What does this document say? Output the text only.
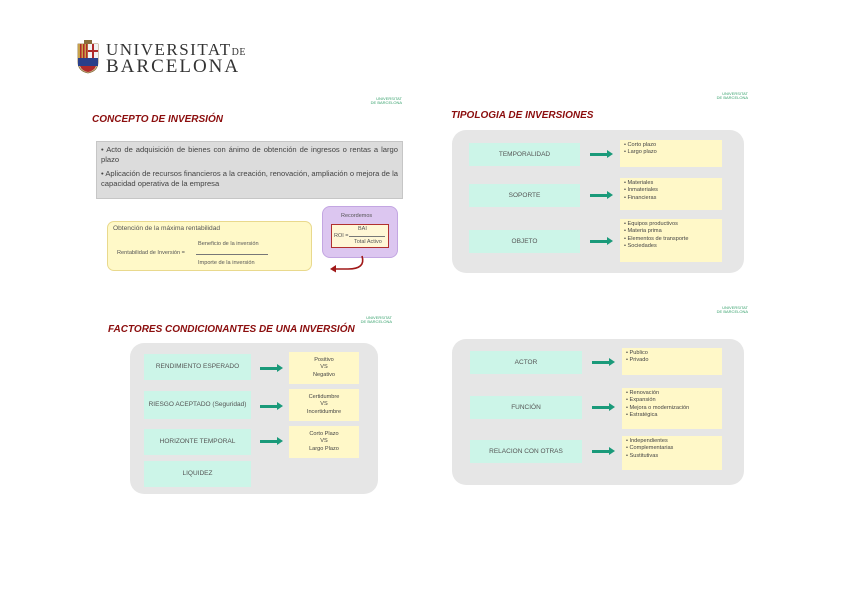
UNIVERSITATDE
BARCELONA
UNIVERSITAT
DE BARCELONA
CONCEPTO DE INVERSIÓN

• Acto de adquisición de bienes con ánimo de obtención de ingresos o rentas a largo plazo

• Aplicación de recursos financieros a la creación, renovación, ampliación o mejora de la capacidad operativa de la empresa

Obtención de la máxima rentabilidad
Beneficio de la inversión
Rentabilidad de Inversión =
Importe de la inversión
Recordemos
BAI
ROI =
Total Activo
UNIVERSITAT
DE BARCELONA
TIPOLOGIA DE INVERSIONES
TEMPORALIDAD
• Corto plazo
• Largo plazo
SOPORTE
• Materiales
• Inmateriales
• Financieras
OBJETO
• Equipos productivos
• Materia prima
• Elementos de transporte
• Sociedades
UNIVERSITAT
DE BARCELONA
FACTORES CONDICIONANTES DE UNA INVERSIÓN
RENDIMIENTO ESPERADO
Positivo
VS
Negativo
RIESGO ACEPTADO (Seguridad)
Certidumbre
VS
Incertidumbre
HORIZONTE TEMPORAL
Corto Plazo
VS
Largo Plazo
LIQUIDEZ
UNIVERSITAT
DE BARCELONA
ACTOR
• Publico
• Privado
FUNCIÓN
• Renovación
• Expansión
• Mejora o modernización
• Estratégica
RELACION CON OTRAS
• Independientes
• Complementarias
• Sustitutivas
